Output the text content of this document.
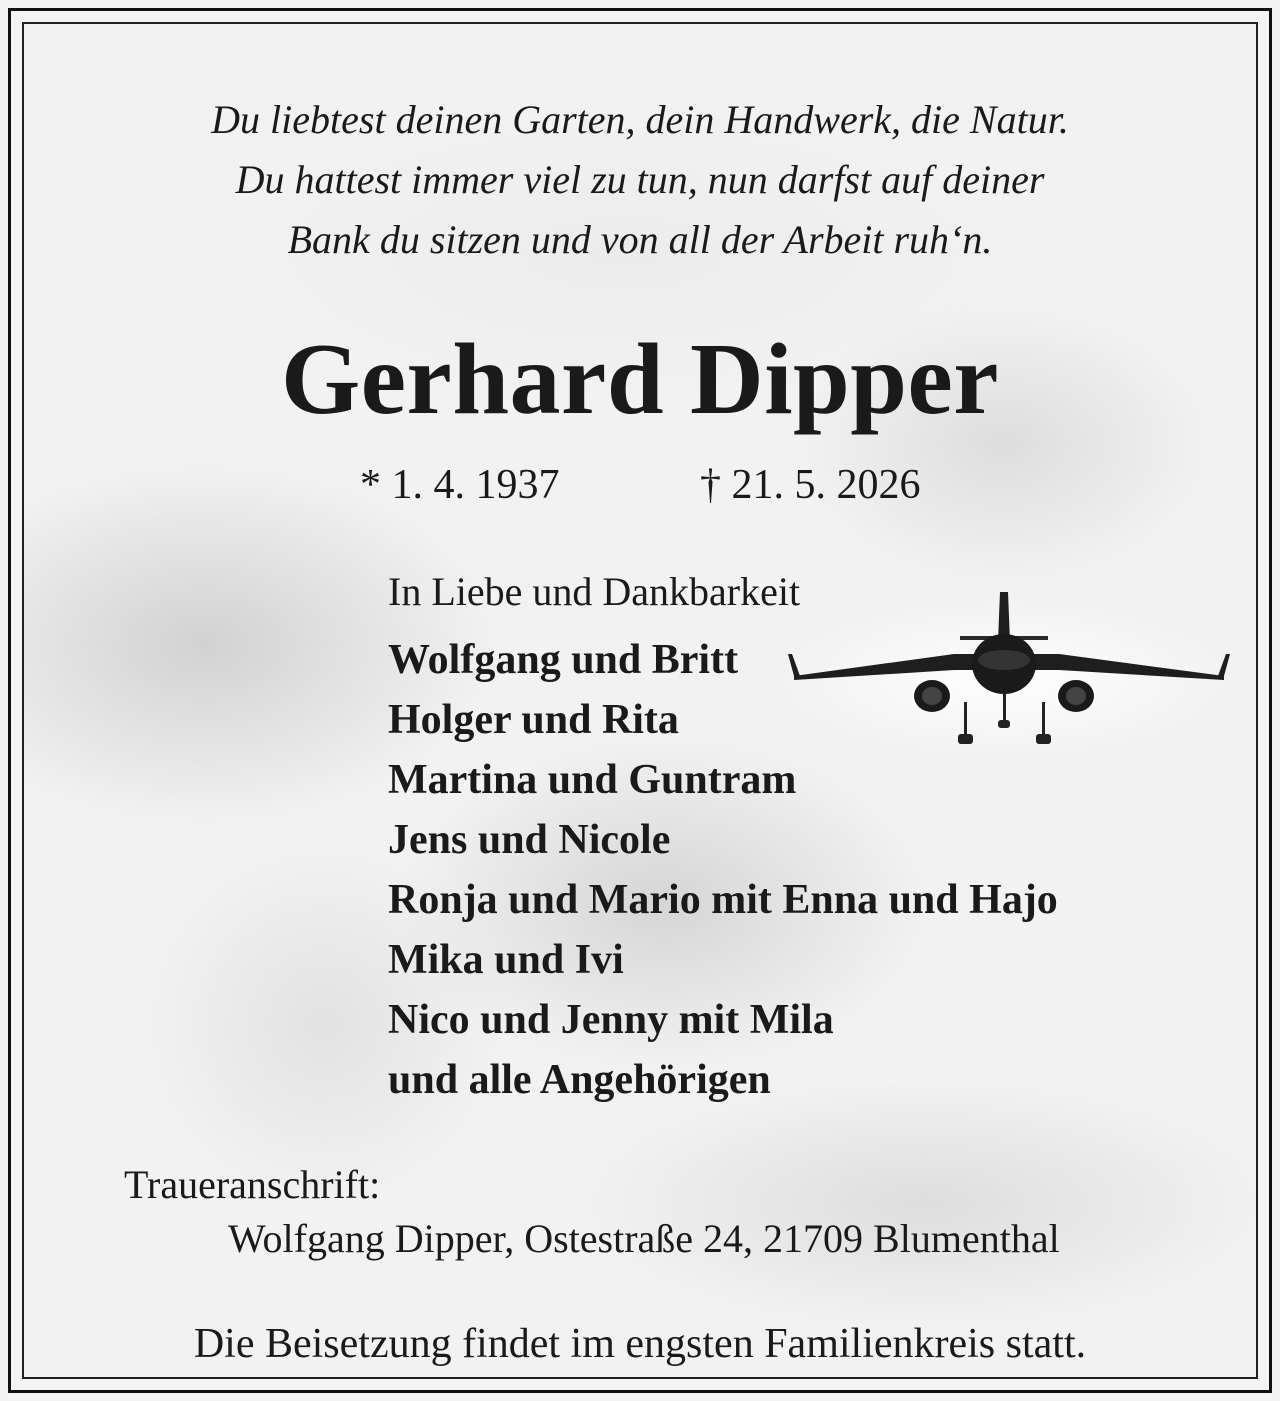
Du liebtest deinen Garten, dein Handwerk, die Natur.
Du hattest immer viel zu tun, nun darfst auf deiner
Bank du sitzen und von all der Arbeit ruh‘n.
Gerhard Dipper
* 1. 4. 1937	† 21. 5. 2026
In Liebe und Dankbarkeit
Wolfgang und Britt
Holger und Rita
Martina und Guntram
Jens und Nicole
Ronja und Mario mit Enna und Hajo
Mika und Ivi
Nico und Jenny mit Mila
und alle Angehörigen
Traueranschrift:
Wolfgang Dipper, Ostestraße 24, 21709 Blumenthal
Die Beisetzung findet im engsten Familienkreis statt.
